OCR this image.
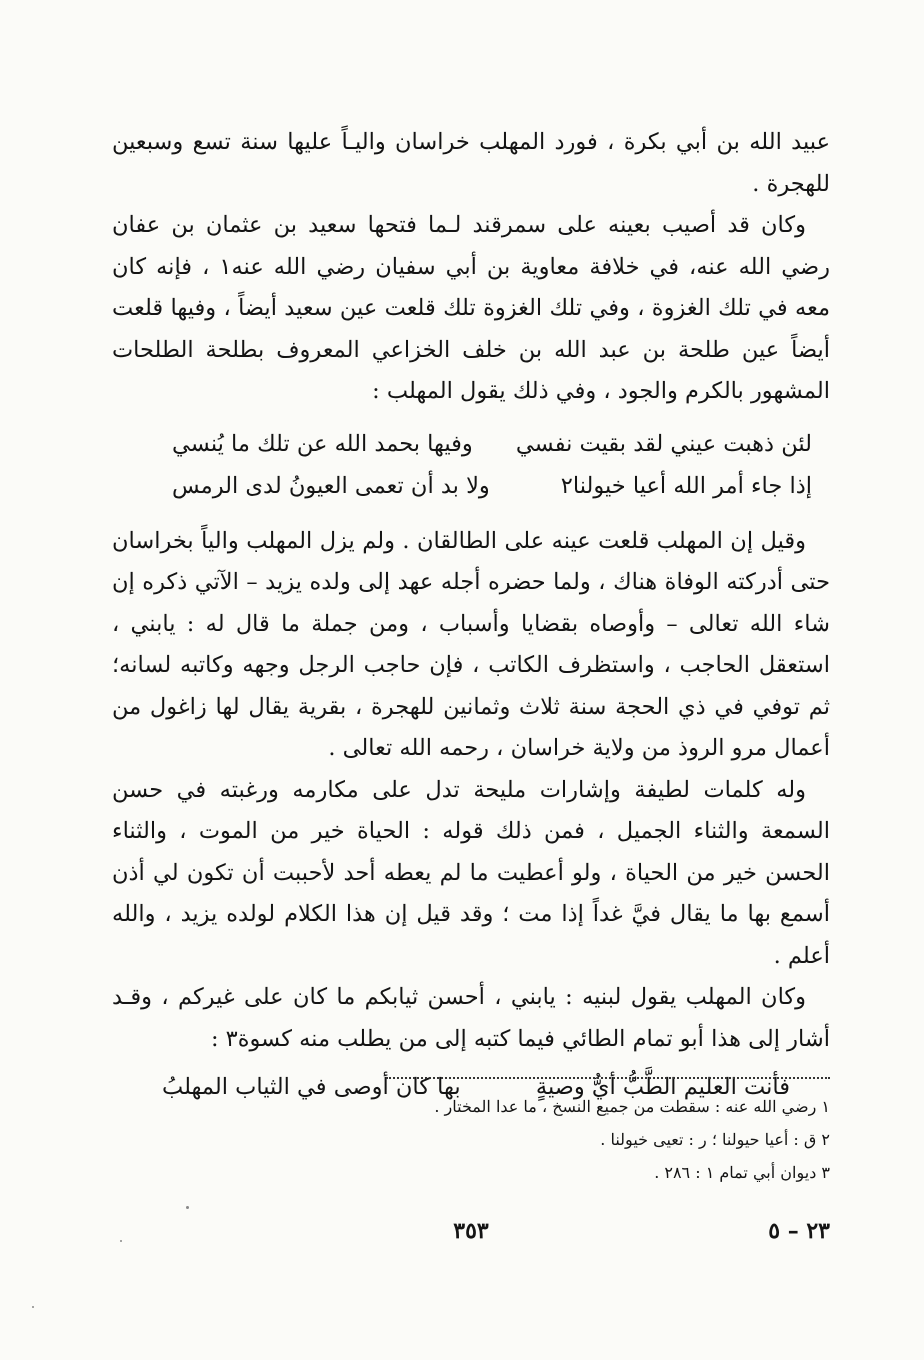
عبيد الله بن أبي بكرة ، فورد المهلب خراسان واليـاً عليها سنة تسع وسبعين للهجرة .

وكان قد أصيب بعينه على سمرقند لـما فتحها سعيد بن عثمان بن عفان رضي الله عنه، في خلافة معاوية بن أبي سفيان رضي الله عنه١ ، فإنه كان معه في تلك الغزوة ، وفي تلك الغزوة تلك قلعت عين سعيد أيضاً ، وفيها قلعت أيضاً عين طلحة بن عبد الله بن خلف الخزاعي المعروف بطلحة الطلحات المشهور بالكرم والجود ، وفي ذلك يقول المهلب :

لئن ذهبت عيني لقد بقيت نفسي
وفيها بحمد الله عن تلك ما يُنسي
إذا جاء أمر الله أعيا خيولنا٢
ولا بد أن تعمى العيونُ لدى الرمس

وقيل إن المهلب قلعت عينه على الطالقان . ولم يزل المهلب والياً بخراسان حتى أدركته الوفاة هناك ، ولما حضره أجله عهد إلى ولده يزيد – الآتي ذكره إن شاء الله تعالى – وأوصاه بقضايا وأسباب ، ومن جملة ما قال له : يابني ، استعقل الحاجب ، واستظرف الكاتب ، فإن حاجب الرجل وجهه وكاتبه لسانه؛ ثم توفي في ذي الحجة سنة ثلاث وثمانين للهجرة ، بقرية يقال لها زاغول من أعمال مرو الروذ من ولاية خراسان ، رحمه الله تعالى .

وله كلمات لطيفة وإشارات مليحة تدل على مكارمه ورغبته في حسن السمعة والثناء الجميل ، فمن ذلك قوله : الحياة خير من الموت ، والثناء الحسن خير من الحياة ، ولو أعطيت ما لم يعطه أحد لأحببت أن تكون لي أذن أسمع بها ما يقال فيَّ غداً إذا مت ؛ وقد قيل إن هذا الكلام لولده يزيد ، والله أعلم .

وكان المهلب يقول لبنيه : يابني ، أحسن ثيابكم ما كان على غيركم ، وقـد أشار إلى هذا أبو تمام الطائي فيما كتبه إلى من يطلب منه كسوة٣ :

فأنت العليم الطَّبُّ أيُّ وصيةٍ
بها كان أوصى في الثياب المهلبُ

١ رضي الله عنه : سقطت من جميع النسخ ، ما عدا المختار .

٢ ق : أعيا حيولنا ؛ ر : تعيى خيولنا .

٣ ديوان أبي تمام ١ : ٢٨٦ .

٢٣ – ٥
٣٥٣
